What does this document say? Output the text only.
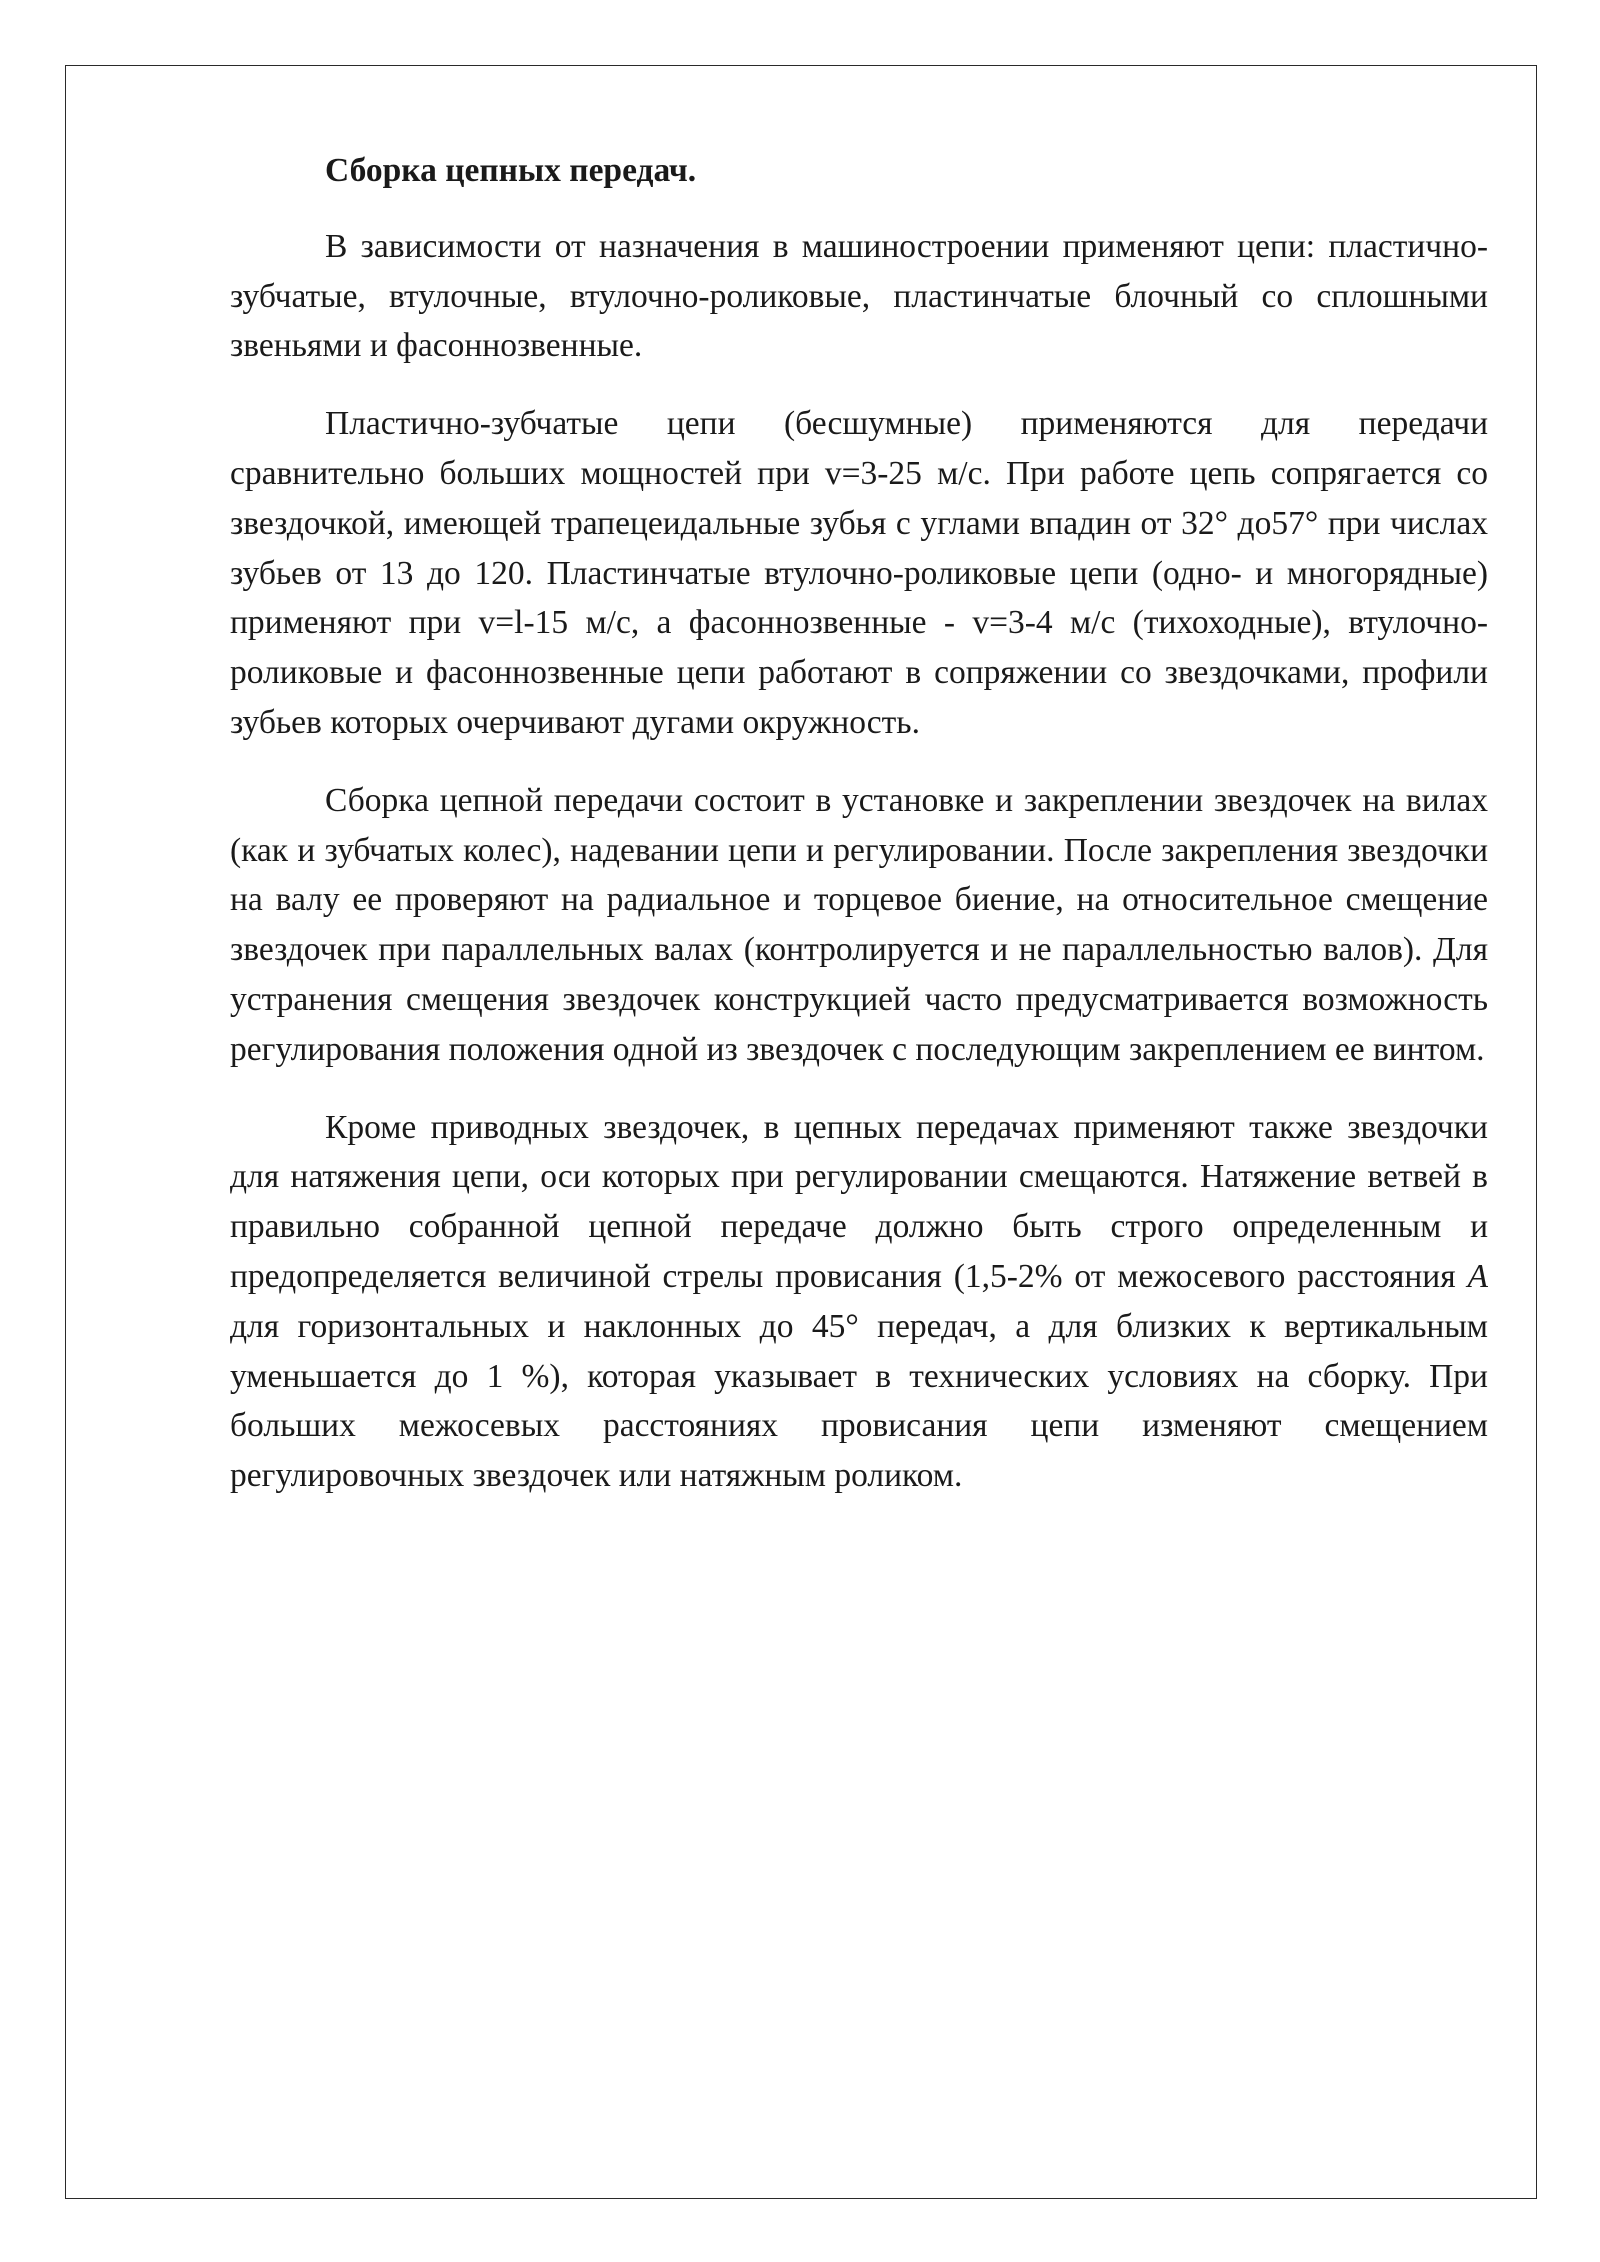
Сборка цепных передач.

В зависимости от назначения в машиностроении применяют цепи: пластично-зубчатые, втулочные, втулочно-роликовые, пластинчатые блочный со сплошными звеньями и фасоннозвенные.

Пластично-зубчатые цепи (бесшумные) применяются для передачи сравнительно больших мощностей при v=3-25 м/с. При работе цепь сопрягается со звездочкой, имеющей трапецеидальные зубья с углами впадин от 32° до57° при числах зубьев от 13 до 120. Пластинчатые втулочно-роликовые цепи (одно- и многорядные) применяют при v=l-15 м/с, а фасоннозвенные - v=3-4 м/с (тихоходные), втулочно-роликовые и фасоннозвенные цепи работают в сопряжении со звездочками, профили зубьев которых очерчивают дугами окружность.

Сборка цепной передачи состоит в установке и закреплении звездочек на вилах (как и зубчатых колес), надевании цепи и регулировании. После закрепления звездочки на валу ее проверяют на радиальное и торцевое биение, на относительное смещение звездочек при параллельных валах (контролируется и не параллельностью валов). Для устранения смещения звездочек конструкцией часто предусматривается возможность регулирования положения одной из звездочек с последующим закреплением ее винтом.

Кроме приводных звездочек, в цепных передачах применяют также звездочки для натяжения цепи, оси которых при регулировании смещаются. Натяжение ветвей в правильно собранной цепной передаче должно быть строго определенным и предопределяется величиной стрелы провисания (1,5-2% от межосевого расстояния А для горизонтальных и наклонных до 45° передач, а для близких к вертикальным уменьшается до 1 %), которая указывает в технических условиях на сборку. При больших межосевых расстояниях провисания цепи изменяют смещением регулировочных звездочек или натяжным роликом.
